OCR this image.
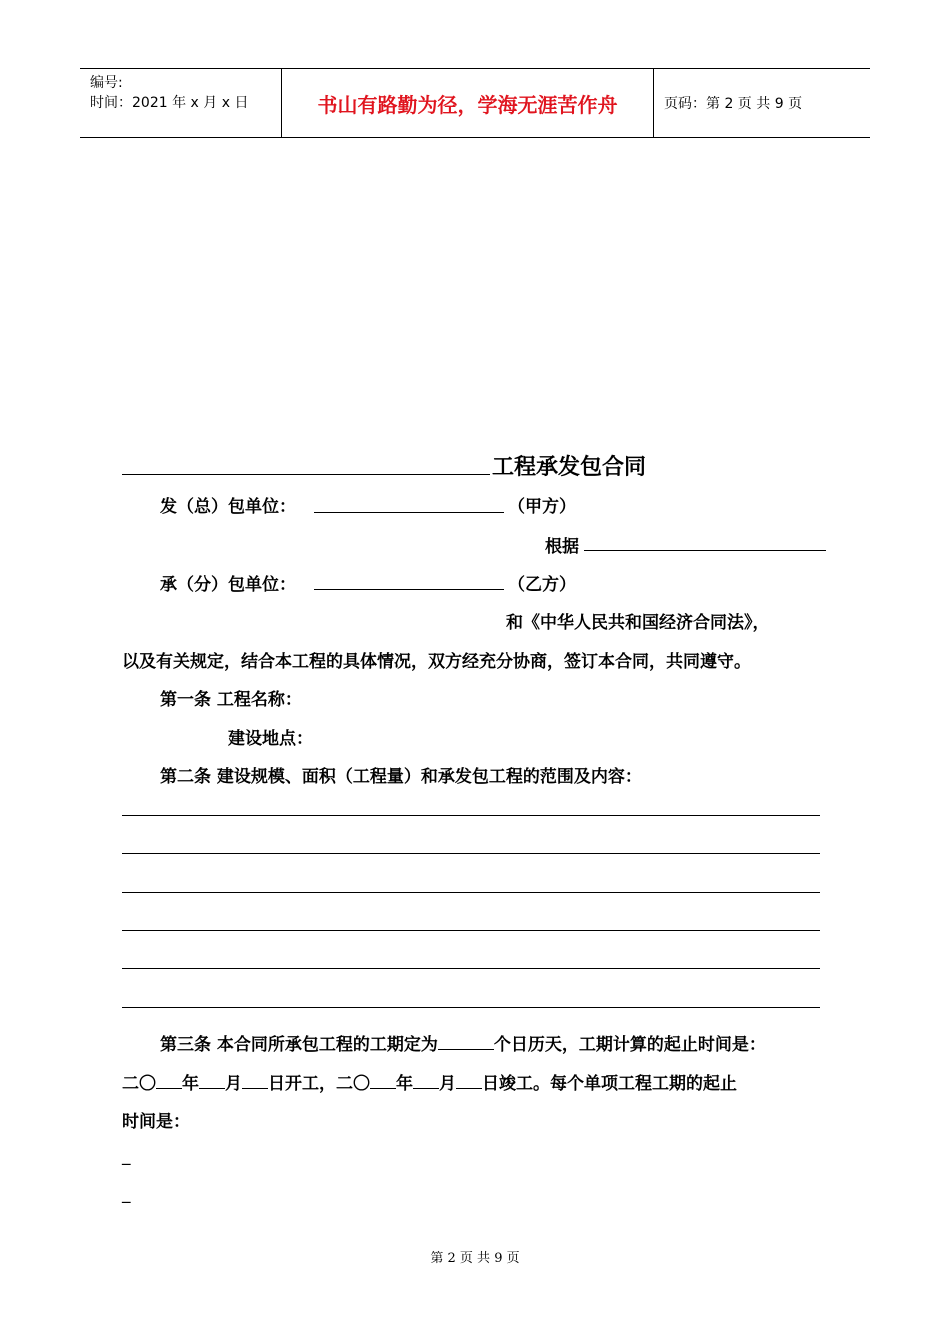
编号:
时间：2021 年 x 月 x 日	书山有路勤为径，学海无涯苦作舟	页码：第 2 页 共 9 页
工程承发包合同
发（总）包单位：	（甲方）
根据
承（分）包单位：	（乙方）
和《中华人民共和国经济合同法》，
以及有关规定，结合本工程的具体情况，双方经充分协商，签订本合同，共同遵守。
第一条 工程名称：
建设地点：
第二条 建设规模、面积（工程量）和承发包工程的范围及内容：
第三条 本合同所承包工程的工期定为	个日历天，工期计算的起止时间是：
二〇 年 月 日开工，二〇 年 月 日竣工。每个单项工程工期的起止
时间是：
_
_
第 2 页 共 9 页
